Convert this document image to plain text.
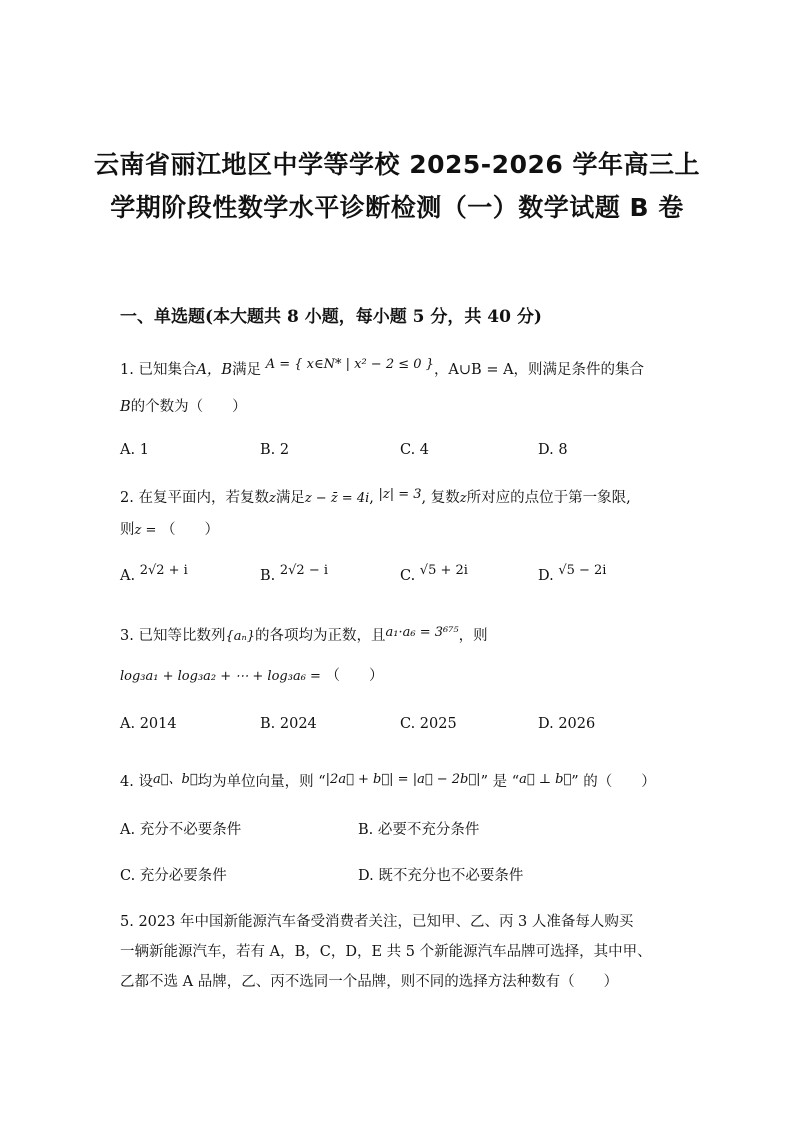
云南省丽江地区中学等学校 2025-2026 学年高三上
学期阶段性数学水平诊断检测（一）数学试题 B 卷
一、单选题(本大题共 8 小题，每小题 5 分，共 40 分)
1. 已知集合A，B满足 A = { x∈N* | x² − 2 ≤ 0 }，A∪B = A，则满足条件的集合
B的个数为（　　）
A. 1	B. 2	C. 4	D. 8
2. 在复平面内，若复数z满足z − z̄ = 4i, |z| = 3, 复数z所对应的点位于第一象限,
则z = （　　）
A. 2√2 + i	B. 2√2 − i	C. √5 + 2i	D. √5 − 2i
3. 已知等比数列{aₙ}的各项均为正数，且a₁·a₆ = 3⁶⁷⁵，则
log₃a₁ + log₃a₂ + ⋯ + log₃a₆ = （　　）
A. 2014	B. 2024	C. 2025	D. 2026
4. 设a⃗、b⃗均为单位向量，则 “|2a⃗ + b⃗| = |a⃗ − 2b⃗|” 是 “a⃗ ⊥ b⃗” 的（　　）
A. 充分不必要条件	B. 必要不充分条件
C. 充分必要条件	D. 既不充分也不必要条件
5. 2023 年中国新能源汽车备受消费者关注，已知甲、乙、丙 3 人准备每人购买
一辆新能源汽车，若有 A，B，C，D，E 共 5 个新能源汽车品牌可选择，其中甲、
乙都不选 A 品牌，乙、丙不选同一个品牌，则不同的选择方法种数有（　　）
